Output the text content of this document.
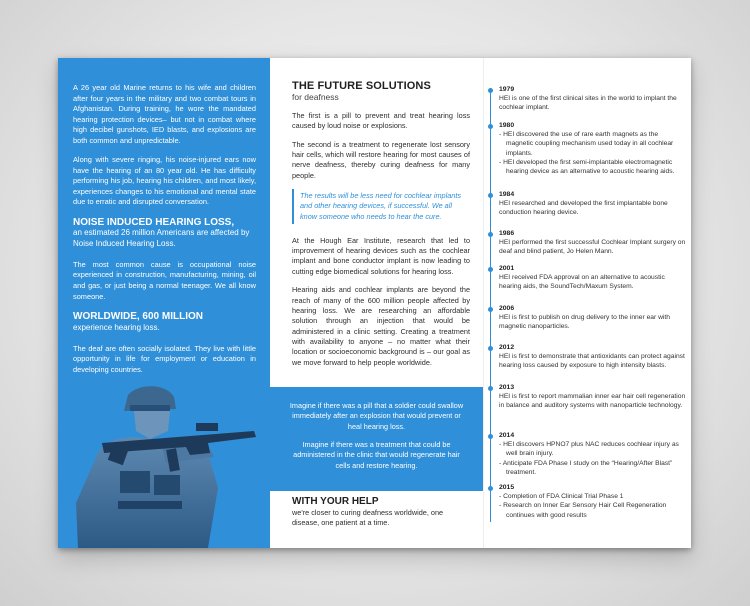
A 26 year old Marine returns to his wife and children after four years in the military and two combat tours in Afghanistan. During training, he wore the mandated hearing protection devices– but not in combat where high decibel gunshots, IED blasts, and explosions are both common and unpredictable.

Along with severe ringing, his noise-injured ears now have the hearing of an 80 year old. He has difficulty performing his job, hearing his children, and most likely, experiences changes to his emotional and mental state due to erratic and disrupted conversation.

NOISE INDUCED HEARING LOSS,
an estimated 26 million Americans are affected by Noise Induced Hearing Loss.

The most common cause is occupational noise experienced in construction, manufacturing, mining, oil and gas, or just being a normal teenager. We all know someone.

WORLDWIDE, 600 MILLION
experience hearing loss.

The deaf are often socially isolated. They live with little opportunity in life for employment or education in developing countries.

THE FUTURE SOLUTIONS
for deafness

The first is a pill to prevent and treat hearing loss caused by loud noise or explosions.

The second is a treatment to regenerate lost sensory hair cells, which will restore hearing for most causes of nerve deafness, thereby curing deafness for many people.

The results will be less need for cochlear implants and other hearing devices, if successful. We all know someone who needs to hear the cure.

At the Hough Ear Institute, research that led to improvement of hearing devices such as the cochlear implant and bone conductor implant is now leading to cutting edge biomedical solutions for hearing loss.

Hearing aids and cochlear implants are beyond the reach of many of the 600 million people affected by hearing loss. We are researching an affordable solution through an injection that would be administered in a clinic setting. Creating a treatment with availability to anyone – no matter what their location or socioeconomic background is – our goal as we move forward to help people worldwide.

Imagine if there was a pill that a soldier could swallow immediately after an explosion that would prevent or heal hearing loss.

Imagine if there was a treatment that could be administered in the clinic that would regenerate hair cells and restore hearing.

WITH YOUR HELP
we're closer to curing deafness worldwide, one disease, one patient at a time.
1979
HEI is one of the first clinical sites in the world to implant the cochlear implant.
1980
- HEI discovered the use of rare earth magnets as the magnetic coupling mechanism used today in all cochlear implants.
- HEI developed the first semi-implantable electromagnetic hearing device as an alternative to acoustic hearing aids.
1984
HEI researched and developed the first implantable bone conduction hearing device.
1986
HEI performed the first successful Cochlear Implant surgery on deaf and blind patient, Jo Helen Mann.
2001
HEI received FDA approval on an alternative to acoustic hearing aids, the SoundTech/Maxum System.
2006
HEI is first to publish on drug delivery to the inner ear with magnetic nanoparticles.
2012
HEI is first to demonstrate that antioxidants can protect against hearing loss caused by exposure to high intensity blasts.
2013
HEI is first to report mammalian inner ear hair cell regeneration in balance and auditory systems with nanoparticle technology.
2014
- HEI discovers HPNO7 plus NAC reduces cochlear injury as well brain injury.
- Anticipate FDA Phase I study on the “Hearing/After Blast” treatment.
2015
- Completion of FDA Clinical Trial Phase 1
- Research on Inner Ear Sensory Hair Cell Regeneration continues with good results
